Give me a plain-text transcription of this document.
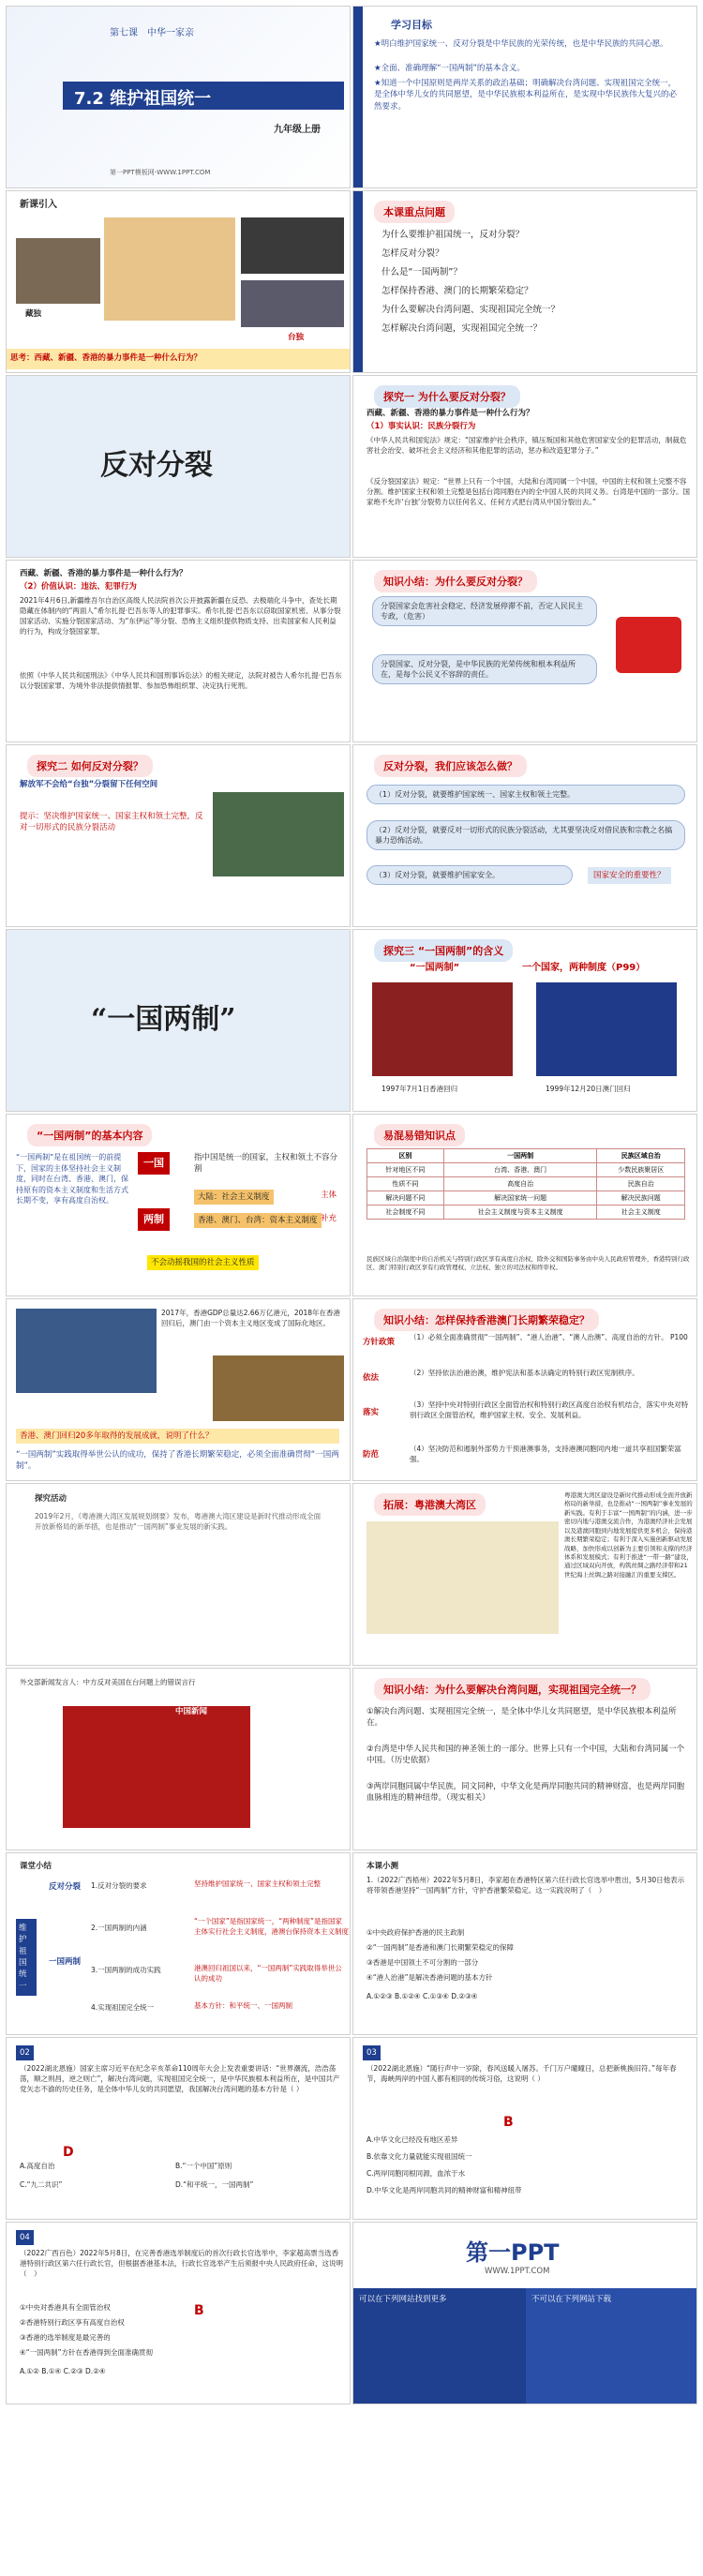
第七课　中华一家亲
7.2 维护祖国统一
九年级上册
第一PPT模板网-WWW.1PPT.COM
学习目标
★明白维护国家统一、反对分裂是中华民族的光荣传统，也是中华民族的共同心愿。
★全面、准确理解“一国两制”的基本含义。
★知道一个中国原则是两岸关系的政治基础；明确解决台湾问题、实现祖国完全统一，是全体中华儿女的共同愿望，是中华民族根本利益所在，是实现中华民族伟大复兴的必然要求。
新课引入
藏独
台独
思考：西藏、新疆、香港的暴力事件是一种什么行为？
本课重点问题
为什么要维护祖国统一，反对分裂？
怎样反对分裂？
什么是“一国两制”？
怎样保持香港、澳门的长期繁荣稳定？
为什么要解决台湾问题、实现祖国完全统一？
怎样解决台湾问题，实现祖国完全统一？
反对分裂
探究一 为什么要反对分裂？
西藏、新疆、香港的暴力事件是一种什么行为？
（1）事实认识：民族分裂行为
《中华人民共和国宪法》规定：“国家维护社会秩序，镇压叛国和其他危害国家安全的犯罪活动，制裁危害社会治安、破坏社会主义经济和其他犯罪的活动，惩办和改造犯罪分子。”
《反分裂国家法》规定：“世界上只有一个中国，大陆和台湾同属一个中国，中国的主权和领土完整不容分割。维护国家主权和领土完整是包括台湾同胞在内的全中国人民的共同义务。台湾是中国的一部分。国家绝不允许‘台独’分裂势力以任何名义、任何方式把台湾从中国分裂出去。”
西藏、新疆、香港的暴力事件是一种什么行为？
（2）价值认识：违法、犯罪行为
2021年4月6日,新疆维吾尔自治区高级人民法院首次公开披露新疆在反恐、去极端化斗争中，查处长期隐藏在体制内的“两面人”希尔扎提·巴吾东等人的犯罪事实。希尔扎提·巴吾东以窃取国家机密、从事分裂国家活动、实施分裂国家活动、为“东伊运”等分裂、恐怖主义组织提供物质支持、出卖国家和人民利益的行为，构成分裂国家罪。
依照《中华人民共和国刑法》《中华人民共和国刑事诉讼法》的相关规定，法院对被告人希尔扎提·巴吾东以分裂国家罪、为境外非法提供情报罪、参加恐怖组织罪、决定执行死刑。
知识小结：为什么要反对分裂？
分裂国家会危害社会稳定、经济发展停滞不前，否定人民民主专政，（危害）
分裂国家、反对分裂，是中华民族的光荣传统和根本利益所在，是每个公民义不容辞的责任。
探究二 如何反对分裂？
解放军不会给“台独”分裂留下任何空间
提示：坚决维护国家统一、国家主权和领土完整，反对一切形式的民族分裂活动
反对分裂，我们应该怎么做？
（1）反对分裂，就要维护国家统一、国家主权和领土完整。
（2）反对分裂，就要反对一切形式的民族分裂活动，尤其要坚决反对借民族和宗教之名搞暴力恐怖活动。
（3）反对分裂，就要维护国家安全。	国家安全的重要性？
“一国两制”
探究三 “一国两制”的含义
“一国两制”	一个国家，两种制度（P99）
1997年7月1日香港回归	1999年12月20日澳门回归
“一国两制”的基本内容
“一国两制”是在祖国统一的前提下，国家的主体坚持社会主义制度，同时在台湾、香港、澳门，保持原有的资本主义制度和生活方式长期不变，享有高度自治权。
一国
两制
指中国是统一的国家，主权和领土不容分割
大陆：社会主义制度
香港、澳门、台湾：资本主义制度
主体
补充
不会动摇我国的社会主义性质
易混易错知识点
区别	一国两制	民族区域自治
针对地区不同	台湾、香港、澳门	少数民族聚居区
性质不同	高度自治	民族自治
解决问题不同	解决国家统一问题	解决民族问题
社会制度不同	社会主义制度与资本主义制度	社会主义制度
民族区域自治制度中的自治机关与特别行政区享有高度自治权，除外交和国防事务由中央人民政府管理外，香港特别行政区、澳门特别行政区享有行政管理权、立法权、独立的司法权和终审权。
2017年，香港GDP总量达2.66万亿港元，2018年在香港回归后，澳门由一个资本主义地区变成了国际化地区。
香港、澳门回归20多年取得的发展成就，说明了什么？
“一国两制”实践取得举世公认的成功，保持了香港长期繁荣稳定，必须全面准确贯彻“一国两制”。
知识小结：怎样保持香港澳门长期繁荣稳定？
方针政策
依法
落实
防范
（1）必须全面准确贯彻“一国两制”、“港人治港”、“澳人治澳”、高度自治的方针。 P100
（2）坚持依法治港治澳，维护宪法和基本法确定的特别行政区宪制秩序。
（3）坚持中央对特别行政区全面管治权和特别行政区高度自治权有机结合，落实中央对特别行政区全面管治权，维护国家主权、安全、发展利益。
（4）坚决防范和遏制外部势力干预港澳事务，支持港澳同胞同内地一道共享祖国繁荣富强。
探究活动
2019年2月，《粤港澳大湾区发展规划纲要》发布，粤港澳大湾区建设是新时代推动形成全面开放新格局的新举措，也是推动“一国两制”事业发展的新实践。
拓展：粤港澳大湾区
粤港澳大湾区建设是新时代推动形成全面开放新格局的新举措，也是推动“一国两制”事业发展的新实践。有利于丰富“一国两制”的内涵，进一步密切内地与港澳交流合作，为港澳经济社会发展以及港澳同胞到内地发展提供更多机会，保持港澳长期繁荣稳定；有利于深入实施创新驱动发展战略，加快形成以创新为主要引领和支撑的经济体系和发展模式；有利于推进“一带一路”建设，通过区域双向开放，构筑丝绸之路经济带和21世纪海上丝绸之路对接融汇的重要支撑区。
外交部新闻发言人：中方反对美国在台问题上的错误言行
中国新闻
知识小结：为什么要解决台湾问题，实现祖国完全统一？
①解决台湾问题、实现祖国完全统一，是全体中华儿女共同愿望，是中华民族根本利益所在。
②台湾是中华人民共和国的神圣领土的一部分。世界上只有一个中国，大陆和台湾同属一个中国。（历史依据）
③两岸同胞同属中华民族，同文同种，中华文化是两岸同胞共同的精神财富，也是两岸同胞血脉相连的精神纽带。（现实相关）
课堂小结
维护祖国统一
反对分裂
一国两制
1.反对分裂的要求
2.一国两制的内涵
3.一国两制的成功实践
4.实现祖国完全统一
坚持维护国家统一、国家主权和领土完整
“一个国家”是指国家统一，“两种制度”是指国家主体实行社会主义制度，港澳台保持资本主义制度
港澳回归祖国以来，“一国两制”实践取得举世公认的成功
基本方针：和平统一、一国两制
本课小测
1.（2022广西梧州）2022年5月8日，李家超在香港特区第六任行政长官选举中胜出，5月30日他表示将带领香港坚持“一国两制”方针，守护香港繁荣稳定。这一实践说明了（　）
①中央政府保护香港的民主政制
②“一国两制”是香港和澳门长期繁荣稳定的保障
③香港是中国领土不可分割的一部分
④“港人治港”是解决香港问题的基本方针
A.①②③ B.①②④ C.①③④ D.②③④
02
（2022湖北恩施）国家主席习近平在纪念辛亥革命110周年大会上发表重要讲话：“世界潮流，浩浩荡荡，顺之则昌，逆之则亡”，解决台湾问题，实现祖国完全统一，是中华民族根本利益所在，是中国共产党矢志不渝的历史任务，是全体中华儿女的共同愿望，我国解决台湾问题的基本方针是（ ）
D
A.高度自治	B.“一个中国”原则
C.“九二共识”	D.“和平统一，一国两制”
03
（2022湖北恩施）“随行声中一岁除，春风送暖入屠苏。千门万户曈曈日，总把新桃换旧符。”每年春节，海峡两岸的中国人都有相同的传统习俗，这说明（ ）
B
A.中华文化已经没有地区差异
B.依靠文化力量就能实现祖国统一
C.两岸同胞同根同源，血浓于水
D.中华文化是两岸同胞共同的精神财富和精神纽带
04
（2022广西百色）2022年5月8日，在完善香港选举制度后的首次行政长官选举中，李家超高票当选香港特别行政区第六任行政长官，但根据香港基本法，行政长官选举产生后须报中央人民政府任命，这说明（　）
①中央对香港具有全面管治权
②香港特别行政区享有高度自治权
③香港的选举制度是最完善的
④“一国两制”方针在香港得到全面准确贯彻
A.①② B.①④ C.②③ D.②④
B
第一PPT
WWW.1PPT.COM
可以在下列网站找到更多	不可以在下列网站下载
